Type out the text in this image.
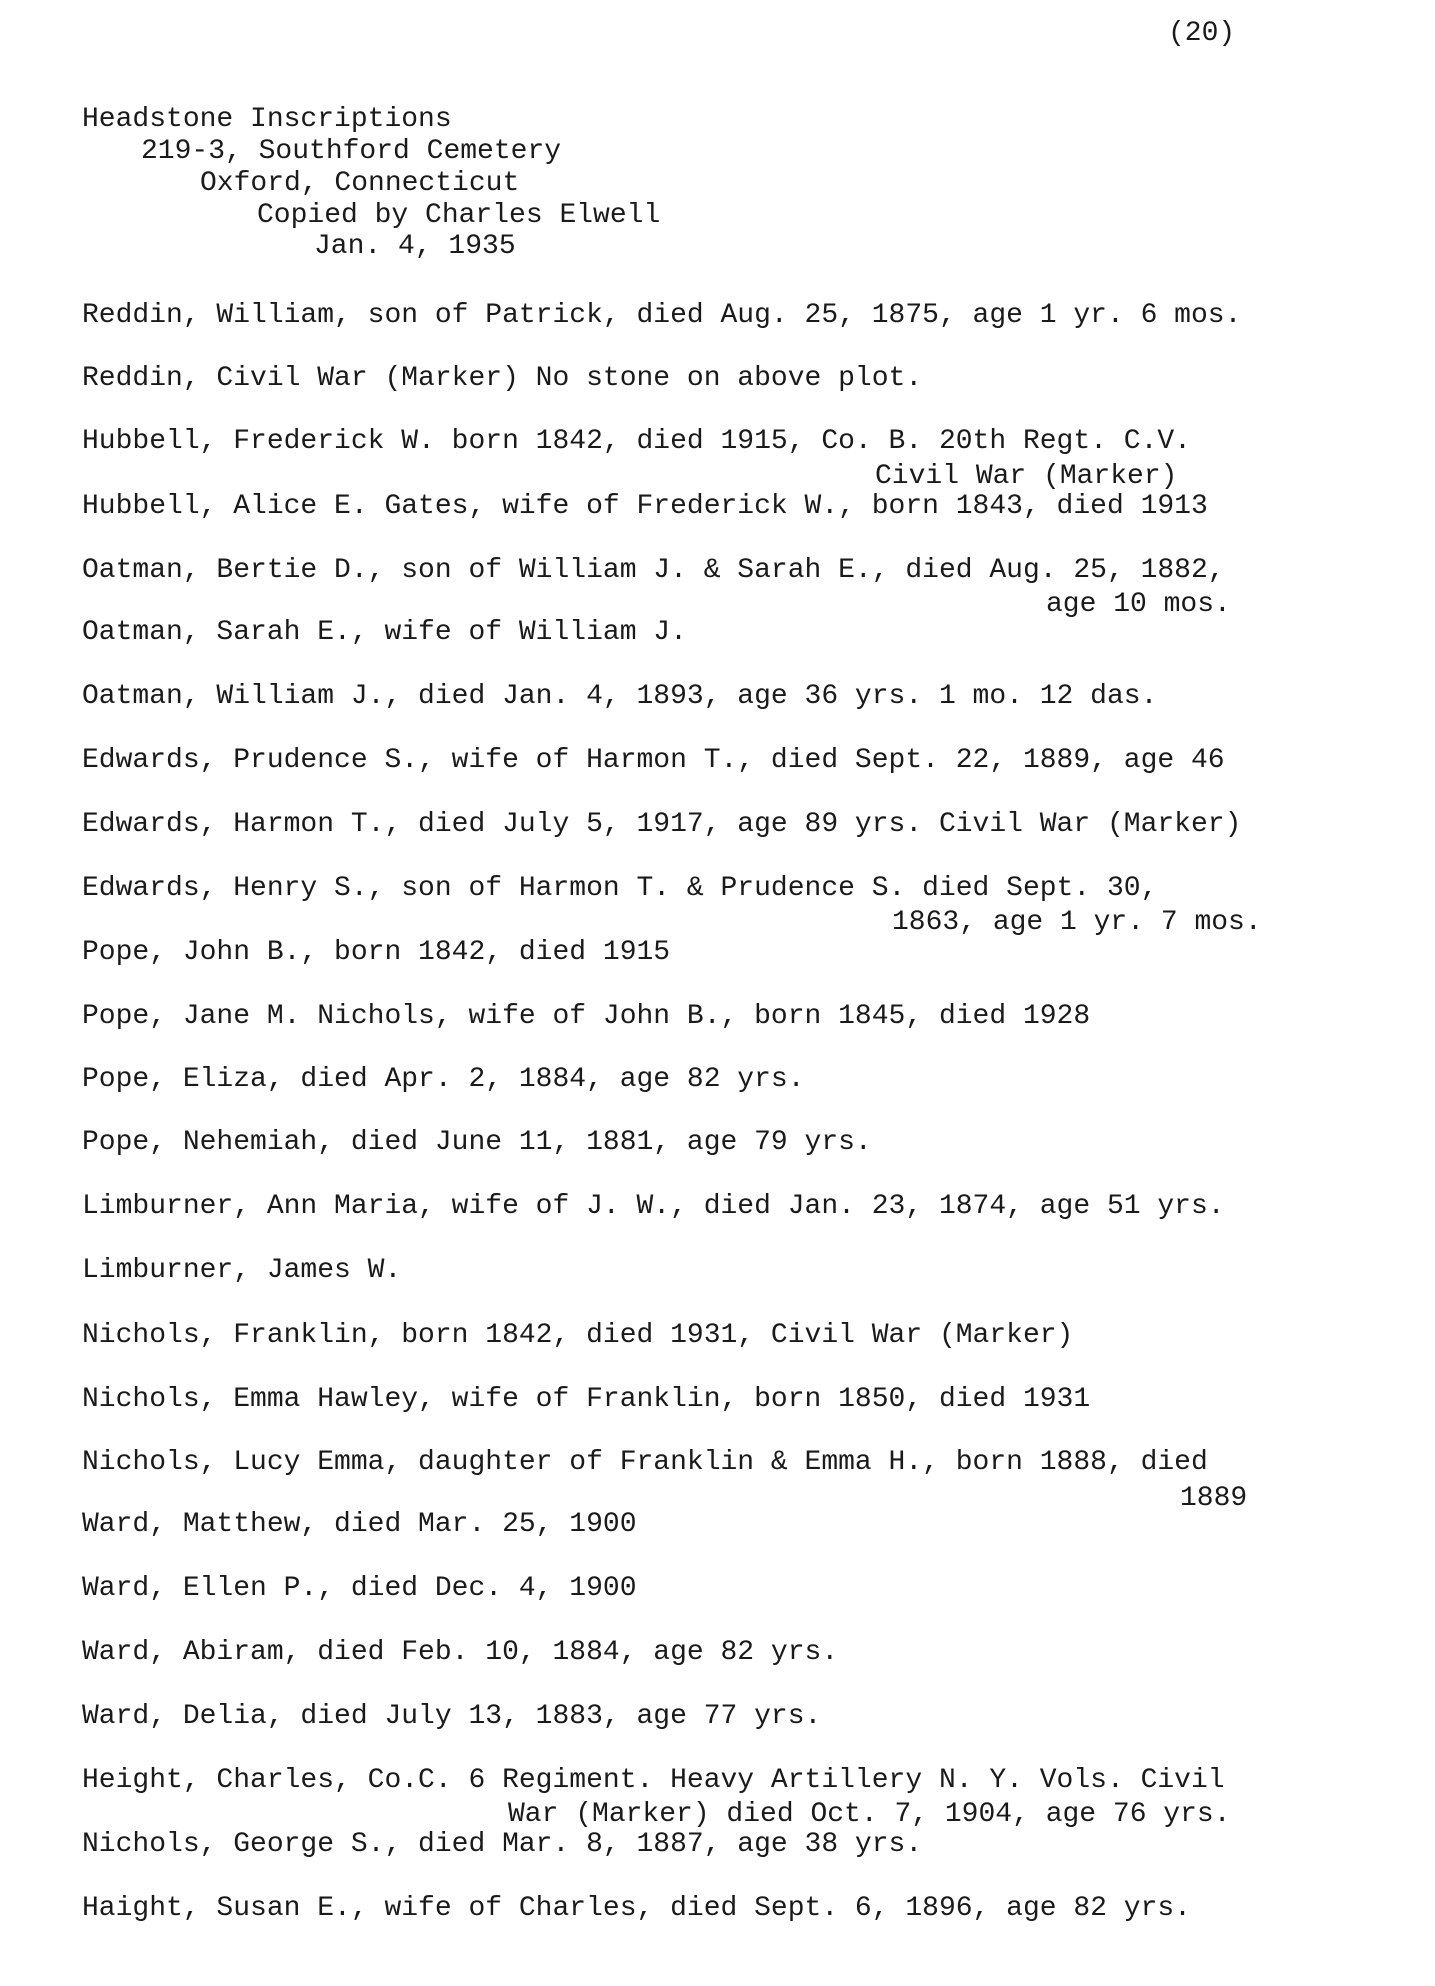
(20)
Headstone Inscriptions
219-3, Southford Cemetery
Oxford, Connecticut
Copied by Charles Elwell
Jan. 4, 1935
Reddin, William, son of Patrick, died Aug. 25, 1875, age 1 yr. 6 mos.
Reddin, Civil War (Marker) No stone on above plot.
Hubbell, Frederick W. born 1842, died 1915, Co. B. 20th Regt. C.V.
Civil War (Marker)
Hubbell, Alice E. Gates, wife of Frederick W., born 1843, died 1913
Oatman, Bertie D., son of William J. & Sarah E., died Aug. 25, 1882,
age 10 mos.
Oatman, Sarah E., wife of William J.
Oatman, William J., died Jan. 4, 1893, age 36 yrs. 1 mo. 12 das.
Edwards, Prudence S., wife of Harmon T., died Sept. 22, 1889, age 46
Edwards, Harmon T., died July 5, 1917, age 89 yrs. Civil War (Marker)
Edwards, Henry S., son of Harmon T. & Prudence S. died Sept. 30,
1863, age 1 yr. 7 mos.
Pope, John B., born 1842, died 1915
Pope, Jane M. Nichols, wife of John B., born 1845, died 1928
Pope, Eliza, died Apr. 2, 1884, age 82 yrs.
Pope, Nehemiah, died June 11, 1881, age 79 yrs.
Limburner, Ann Maria, wife of J. W., died Jan. 23, 1874, age 51 yrs.
Limburner, James W.
Nichols, Franklin, born 1842, died 1931, Civil War (Marker)
Nichols, Emma Hawley, wife of Franklin, born 1850, died 1931
Nichols, Lucy Emma, daughter of Franklin & Emma H., born 1888, died
1889
Ward, Matthew, died Mar. 25, 1900
Ward, Ellen P., died Dec. 4, 1900
Ward, Abiram, died Feb. 10, 1884, age 82 yrs.
Ward, Delia, died July 13, 1883, age 77 yrs.
Height, Charles, Co.C. 6 Regiment. Heavy Artillery N. Y. Vols. Civil
War (Marker) died Oct. 7, 1904, age 76 yrs.
Nichols, George S., died Mar. 8, 1887, age 38 yrs.
Haight, Susan E., wife of Charles, died Sept. 6, 1896, age 82 yrs.
